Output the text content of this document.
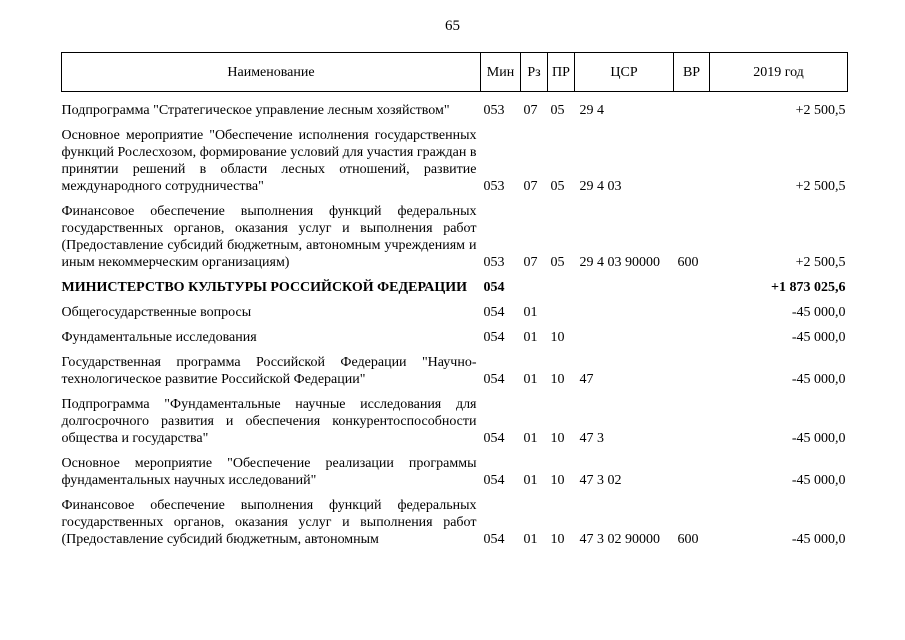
65
Наименование	Мин	Рз	ПР	ЦСР	ВР	2019 год

Подпрограмма "Стратегическое управление лесным хозяйством"	053	07	05	29 4		+2 500,5

Основное мероприятие "Обеспечение исполнения государственных функций Рослесхозом, формирование условий для участия граждан в принятии решений в области лесных отношений, развитие международного сотрудничества"	053	07	05	29 4 03		+2 500,5

Финансовое обеспечение выполнения функций федеральных государственных органов, оказания услуг и выполнения работ (Предоставление субсидий бюджетным, автономным учреждениям и иным некоммерческим организациям)	053	07	05	29 4 03 90000	600	+2 500,5

МИНИСТЕРСТВО КУЛЬТУРЫ РОССИЙСКОЙ ФЕДЕРАЦИИ	054					+1 873 025,6

Общегосударственные вопросы	054	01				-45 000,0

Фундаментальные исследования	054	01	10			-45 000,0

Государственная программа Российской Федерации "Научно-технологическое развитие Российской Федерации"	054	01	10	47		-45 000,0

Подпрограмма "Фундаментальные научные исследования для долгосрочного развития и обеспечения конкурентоспособности общества и государства"	054	01	10	47 3		-45 000,0

Основное мероприятие "Обеспечение реализации программы фундаментальных научных исследований"	054	01	10	47 3 02		-45 000,0

Финансовое обеспечение выполнения функций федеральных государственных органов, оказания услуг и выполнения работ (Предоставление субсидий бюджетным, автономным	054	01	10	47 3 02 90000	600	-45 000,0
